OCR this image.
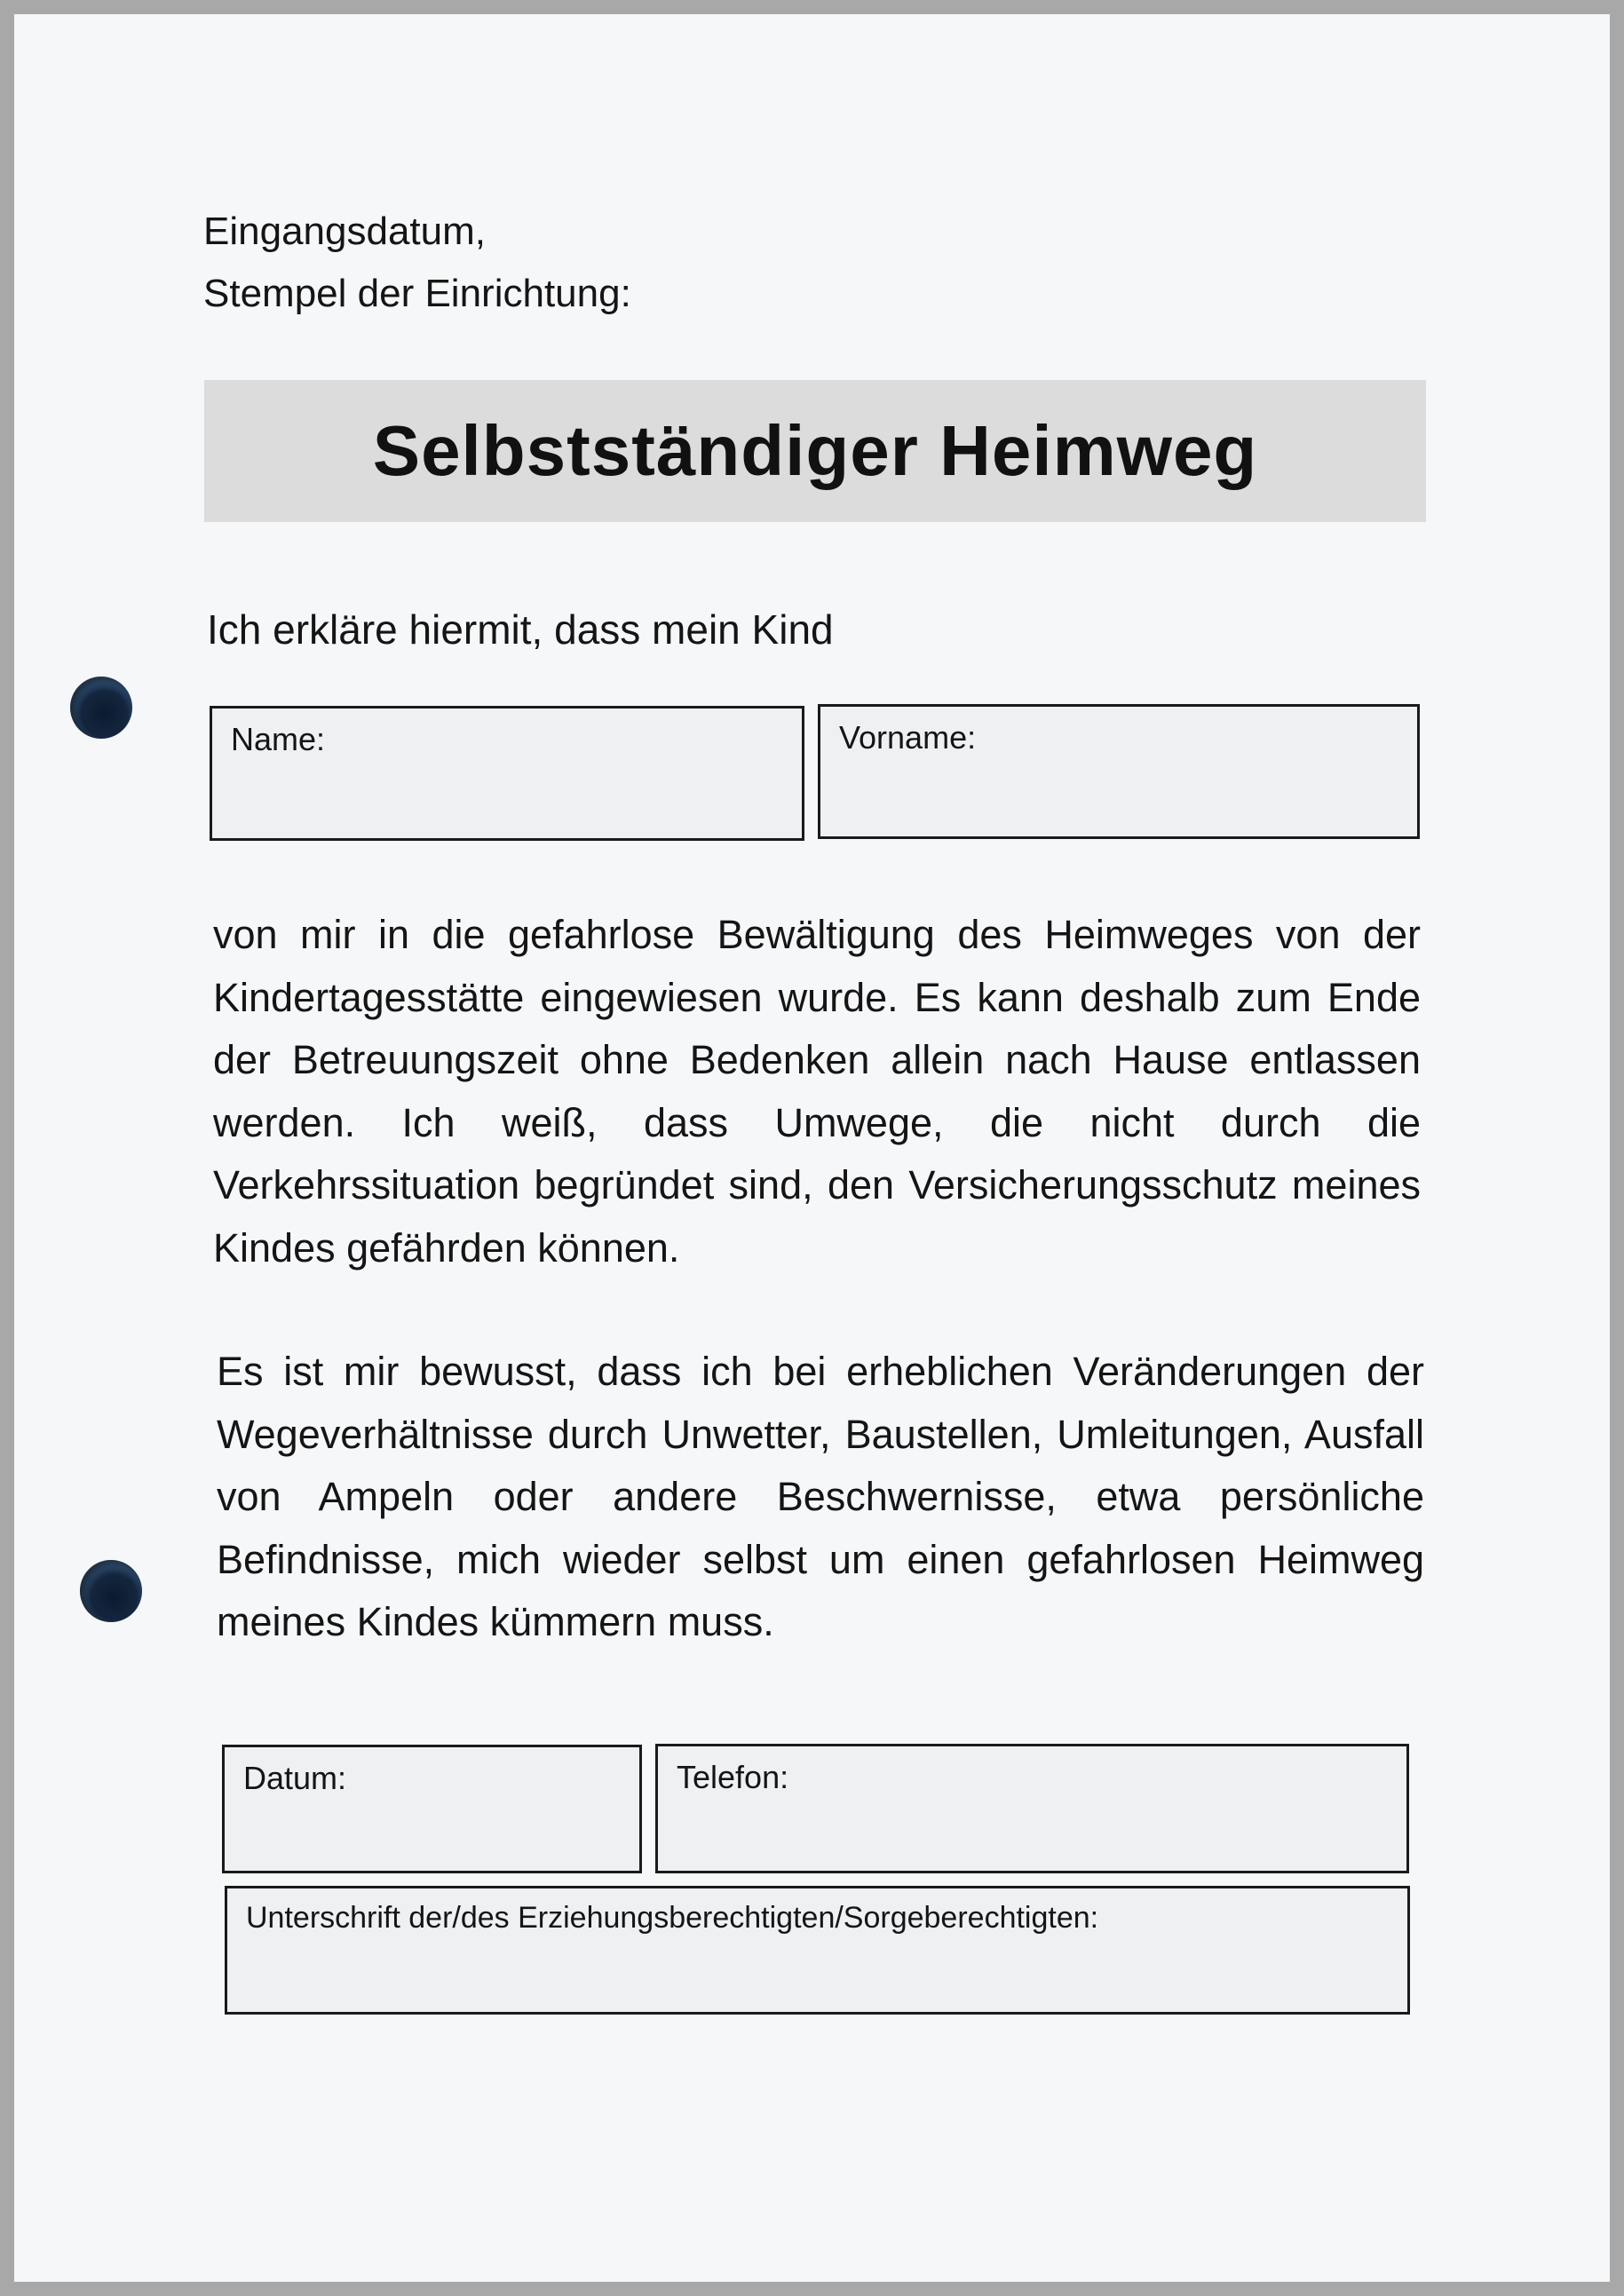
Eingangsdatum,
Stempel der Einrichtung:
Selbstständiger Heimweg

Ich erkläre hiermit, dass mein Kind

Name:	Vorname:

von mir in die gefahrlose Bewältigung des Heimweges von der Kindertagesstätte eingewiesen wurde. Es kann deshalb zum Ende der Betreuungszeit ohne Bedenken allein nach Hause entlassen werden. Ich weiß, dass Umwege, die nicht durch die Verkehrssituation begründet sind, den Versicherungsschutz meines Kindes gefährden können.

Es ist mir bewusst, dass ich bei erheblichen Veränderungen der Wegeverhältnisse durch Unwetter, Baustellen, Umleitungen, Ausfall von Ampeln oder andere Beschwernisse, etwa persönliche Befindnisse, mich wieder selbst um einen gefahrlosen Heimweg meines Kindes kümmern muss.

Datum:	Telefon:
Unterschrift der/des Erziehungsberechtigten/Sorgeberechtigten:
